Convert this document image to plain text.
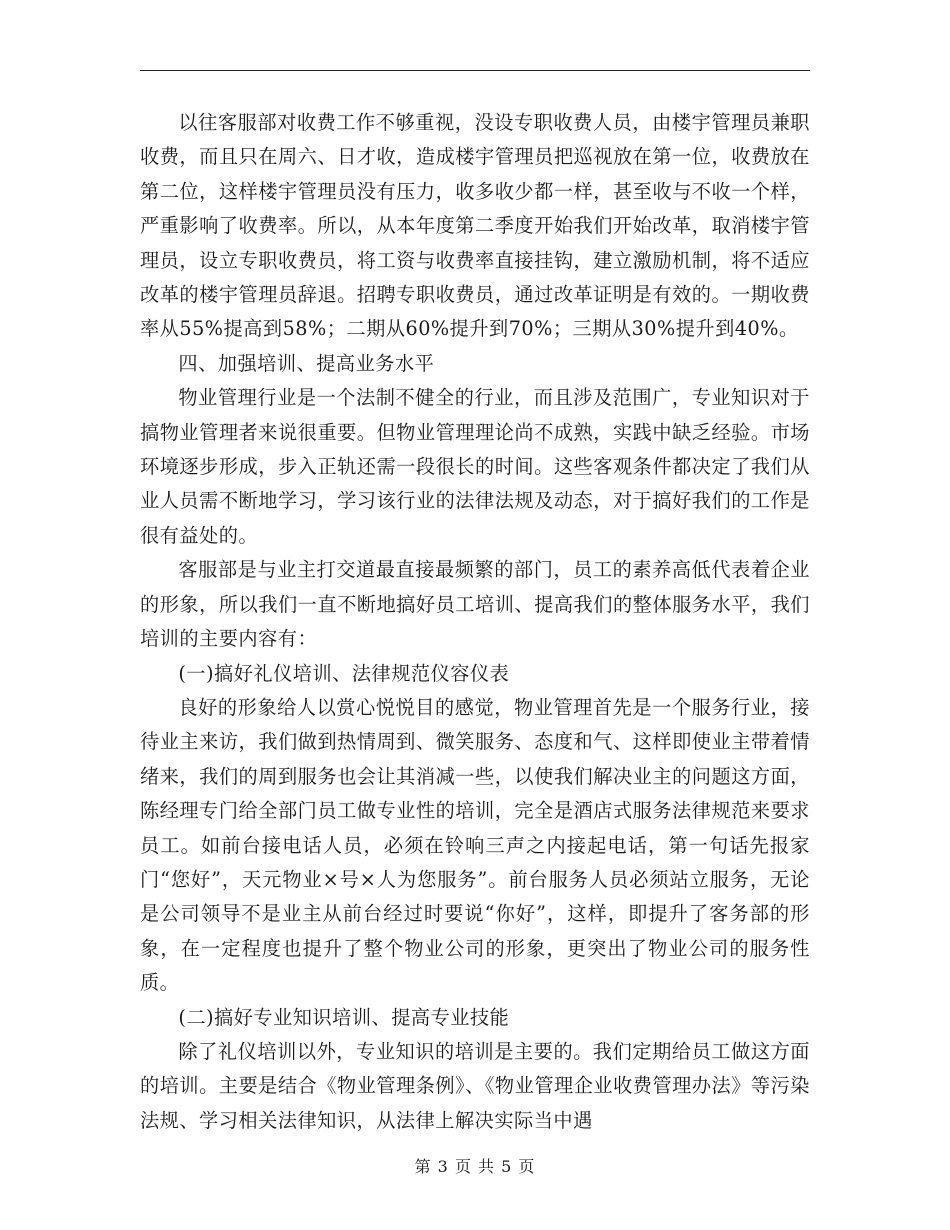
以往客服部对收费工作不够重视，没设专职收费人员，由楼宇管理员兼职收费，而且只在周六、日才收，造成楼宇管理员把巡视放在第一位，收费放在第二位，这样楼宇管理员没有压力，收多收少都一样，甚至收与不收一个样，严重影响了收费率。所以，从本年度第二季度开始我们开始改革，取消楼宇管理员，设立专职收费员，将工资与收费率直接挂钩，建立激励机制，将不适应改革的楼宇管理员辞退。招聘专职收费员，通过改革证明是有效的。一期收费率从55%提高到58%；二期从60%提升到70%；三期从30%提升到40%。

四、加强培训、提高业务水平

物业管理行业是一个法制不健全的行业，而且涉及范围广，专业知识对于搞物业管理者来说很重要。但物业管理理论尚不成熟，实践中缺乏经验。市场环境逐步形成，步入正轨还需一段很长的时间。这些客观条件都决定了我们从业人员需不断地学习，学习该行业的法律法规及动态，对于搞好我们的工作是很有益处的。

客服部是与业主打交道最直接最频繁的部门，员工的素养高低代表着企业的形象，所以我们一直不断地搞好员工培训、提高我们的整体服务水平，我们培训的主要内容有：

(一)搞好礼仪培训、法律规范仪容仪表

良好的形象给人以赏心悦悦目的感觉，物业管理首先是一个服务行业，接待业主来访，我们做到热情周到、微笑服务、态度和气、这样即使业主带着情绪来，我们的周到服务也会让其消减一些，以使我们解决业主的问题这方面，陈经理专门给全部门员工做专业性的培训，完全是酒店式服务法律规范来要求员工。如前台接电话人员，必须在铃响三声之内接起电话，第一句话先报家门“您好”，天元物业×号×人为您服务”。前台服务人员必须站立服务，无论是公司领导不是业主从前台经过时要说“你好”，这样，即提升了客务部的形象，在一定程度也提升了整个物业公司的形象，更突出了物业公司的服务性质。

(二)搞好专业知识培训、提高专业技能

除了礼仪培训以外，专业知识的培训是主要的。我们定期给员工做这方面的培训。主要是结合《物业管理条例》、《物业管理企业收费管理办法》等污染法规、学习相关法律知识，从法律上解决实际当中遇

第 3 页 共 5 页
